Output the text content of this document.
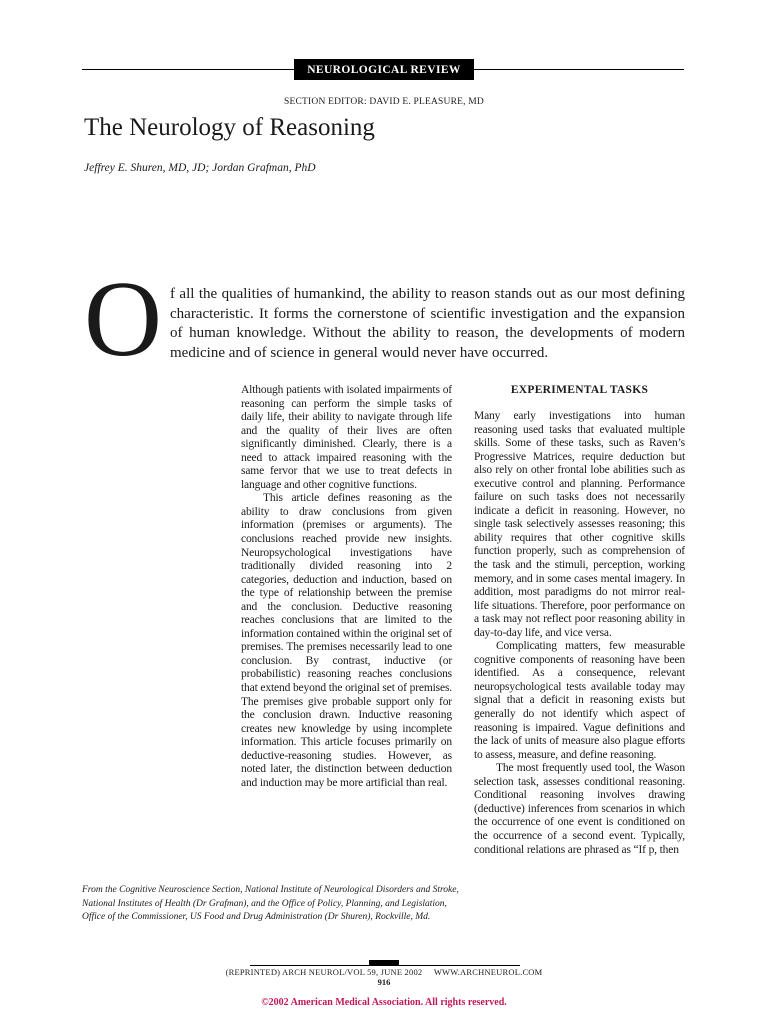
NEUROLOGICAL REVIEW
SECTION EDITOR: DAVID E. PLEASURE, MD
The Neurology of Reasoning
Jeffrey E. Shuren, MD, JD; Jordan Grafman, PhD
O f all the qualities of humankind, the ability to reason stands out as our most defining characteristic. It forms the cornerstone of scientific investigation and the expansion of human knowledge. Without the ability to reason, the developments of modern medicine and of science in general would never have occurred.

Although patients with isolated impairments of reasoning can perform the simple tasks of daily life, their ability to navigate through life and the quality of their lives are often significantly diminished. Clearly, there is a need to attack impaired reasoning with the same fervor that we use to treat defects in language and other cognitive functions.

This article defines reasoning as the ability to draw conclusions from given information (premises or arguments). The conclusions reached provide new insights. Neuropsychological investigations have traditionally divided reasoning into 2 categories, deduction and induction, based on the type of relationship between the premise and the conclusion. Deductive reasoning reaches conclusions that are limited to the information contained within the original set of premises. The premises necessarily lead to one conclusion. By contrast, inductive (or probabilistic) reasoning reaches conclusions that extend beyond the original set of premises. The premises give probable support only for the conclusion drawn. Inductive reasoning creates new knowledge by using incomplete information. This article focuses primarily on deductive-reasoning studies. However, as noted later, the distinction between deduction and induction may be more artificial than real.

EXPERIMENTAL TASKS

Many early investigations into human reasoning used tasks that evaluated multiple skills. Some of these tasks, such as Raven’s Progressive Matrices, require deduction but also rely on other frontal lobe abilities such as executive control and planning. Performance failure on such tasks does not necessarily indicate a deficit in reasoning. However, no single task selectively assesses reasoning; this ability requires that other cognitive skills function properly, such as comprehension of the task and the stimuli, perception, working memory, and in some cases mental imagery. In addition, most paradigms do not mirror real-life situations. Therefore, poor performance on a task may not reflect poor reasoning ability in day-to-day life, and vice versa.

Complicating matters, few measurable cognitive components of reasoning have been identified. As a consequence, relevant neuropsychological tests available today may signal that a deficit in reasoning exists but generally do not identify which aspect of reasoning is impaired. Vague definitions and the lack of units of measure also plague efforts to assess, measure, and define reasoning.

The most frequently used tool, the Wason selection task, assesses conditional reasoning. Conditional reasoning involves drawing (deductive) inferences from scenarios in which the occurrence of one event is conditioned on the occurrence of a second event. Typically, conditional relations are phrased as “If p, then

From the Cognitive Neuroscience Section, National Institute of Neurological Disorders and Stroke, National Institutes of Health (Dr Grafman), and the Office of Policy, Planning, and Legislation, Office of the Commissioner, US Food and Drug Administration (Dr Shuren), Rockville, Md.
(REPRINTED) ARCH NEUROL/VOL 59, JUNE 2002     WWW.ARCHNEUROL.COM
916
©2002 American Medical Association. All rights reserved.
